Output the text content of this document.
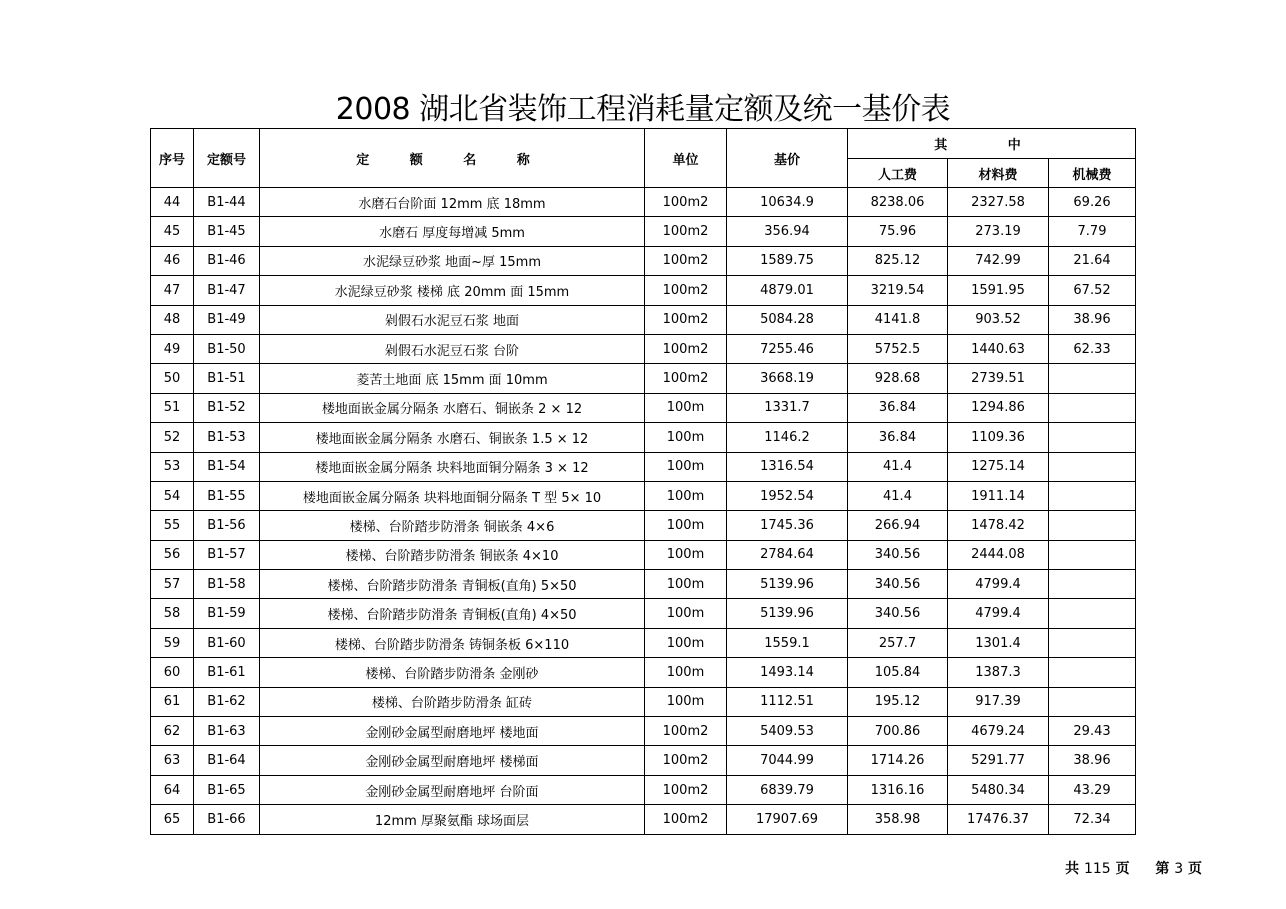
2008 湖北省装饰工程消耗量定额及统一基价表
序号	定额号	定 额 名 称	单位	基价	其 中		
					人工费	材料费	机械费
44	B1-44	水磨石台阶面 12mm 底 18mm	100m2	10634.9	8238.06	2327.58	69.26
45	B1-45	水磨石 厚度每增减 5mm	100m2	356.94	75.96	273.19	7.79
46	B1-46	水泥绿豆砂浆 地面~厚 15mm	100m2	1589.75	825.12	742.99	21.64
47	B1-47	水泥绿豆砂浆 楼梯 底 20mm 面 15mm	100m2	4879.01	3219.54	1591.95	67.52
48	B1-49	剁假石水泥豆石浆 地面	100m2	5084.28	4141.8	903.52	38.96
49	B1-50	剁假石水泥豆石浆 台阶	100m2	7255.46	5752.5	1440.63	62.33
50	B1-51	菱苦土地面 底 15mm 面 10mm	100m2	3668.19	928.68	2739.51	
51	B1-52	楼地面嵌金属分隔条 水磨石、铜嵌条 2 × 12	100m	1331.7	36.84	1294.86	
52	B1-53	楼地面嵌金属分隔条 水磨石、铜嵌条 1.5 × 12	100m	1146.2	36.84	1109.36	
53	B1-54	楼地面嵌金属分隔条 块料地面铜分隔条 3 × 12	100m	1316.54	41.4	1275.14	
54	B1-55	楼地面嵌金属分隔条 块料地面铜分隔条 T 型 5× 10	100m	1952.54	41.4	1911.14	
55	B1-56	楼梯、台阶踏步防滑条 铜嵌条 4×6	100m	1745.36	266.94	1478.42	
56	B1-57	楼梯、台阶踏步防滑条 铜嵌条 4×10	100m	2784.64	340.56	2444.08	
57	B1-58	楼梯、台阶踏步防滑条 青铜板(直角) 5×50	100m	5139.96	340.56	4799.4	
58	B1-59	楼梯、台阶踏步防滑条 青铜板(直角) 4×50	100m	5139.96	340.56	4799.4	
59	B1-60	楼梯、台阶踏步防滑条 铸铜条板 6×110	100m	1559.1	257.7	1301.4	
60	B1-61	楼梯、台阶踏步防滑条 金刚砂	100m	1493.14	105.84	1387.3	
61	B1-62	楼梯、台阶踏步防滑条 缸砖	100m	1112.51	195.12	917.39	
62	B1-63	金刚砂金属型耐磨地坪 楼地面	100m2	5409.53	700.86	4679.24	29.43
63	B1-64	金刚砂金属型耐磨地坪 楼梯面	100m2	7044.99	1714.26	5291.77	38.96
64	B1-65	金刚砂金属型耐磨地坪 台阶面	100m2	6839.79	1316.16	5480.34	43.29
65	B1-66	12mm 厚聚氨酯 球场面层	100m2	17907.69	358.98	17476.37	72.34
共 115 页 第 3 页
